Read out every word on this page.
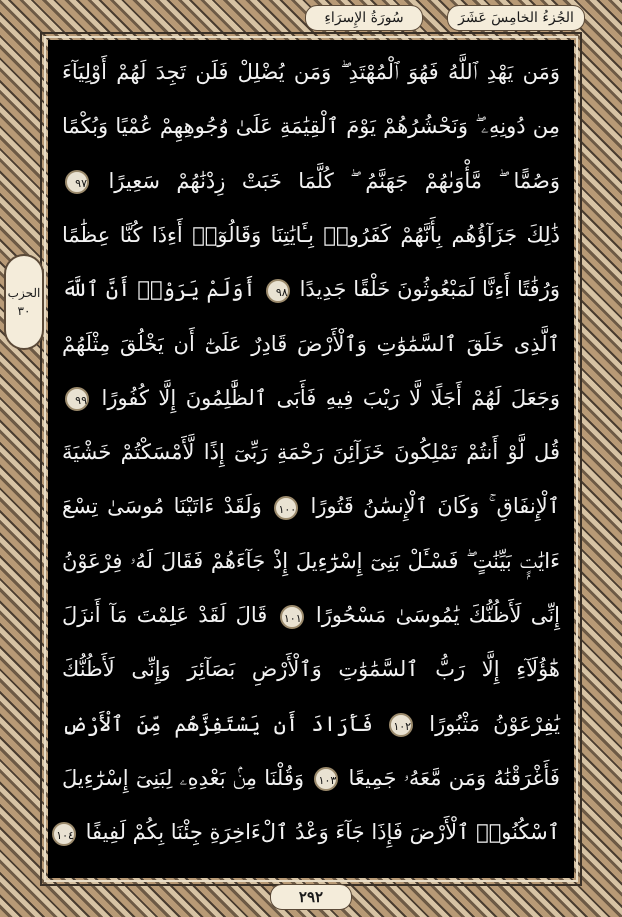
سُورَةُ الإِسرَاءِ	الجُزءُ الخامِسَ عَشَرَ
الحزب
٣٠
وَمَن يَهْدِ ٱللَّهُ فَهُوَ ٱلْمُهْتَدِ ۖ وَمَن يُضْلِلْ فَلَن تَجِدَ لَهُمْ أَوْلِيَآءَ
مِن دُونِهِۦ ۖ وَنَحْشُرُهُمْ يَوْمَ ٱلْقِيَٰمَةِ عَلَىٰ وُجُوهِهِمْ عُمْيًا وَبُكْمًا
وَصُمًّا ۖ مَّأْوَىٰهُمْ جَهَنَّمُ ۖ كُلَّمَا خَبَتْ زِدْنَٰهُمْ سَعِيرًا ٩٧
ذَٰلِكَ جَزَآؤُهُم بِأَنَّهُمْ كَفَرُوا۟ بِـَٔايَٰتِنَا وَقَالُوٓا۟ أَءِذَا كُنَّا عِظَٰمًا
وَرُفَٰتًا أَءِنَّا لَمَبْعُوثُونَ خَلْقًا جَدِيدًا ٩٨ أَوَلَمْ يَرَوْا۟ أَنَّ ٱللَّهَ
ٱلَّذِى خَلَقَ ٱلسَّمَٰوَٰتِ وَٱلْأَرْضَ قَادِرٌ عَلَىٰٓ أَن يَخْلُقَ مِثْلَهُمْ
وَجَعَلَ لَهُمْ أَجَلًا لَّا رَيْبَ فِيهِ فَأَبَى ٱلظَّٰلِمُونَ إِلَّا كُفُورًا ٩٩
قُل لَّوْ أَنتُمْ تَمْلِكُونَ خَزَآئِنَ رَحْمَةِ رَبِّىٓ إِذًا لَّأَمْسَكْتُمْ خَشْيَةَ
ٱلْإِنفَاقِ ۚ وَكَانَ ٱلْإِنسَٰنُ قَتُورًا ١٠٠ وَلَقَدْ ءَاتَيْنَا مُوسَىٰ تِسْعَ
ءَايَٰتٍۭ بَيِّنَٰتٍ ۖ فَسْـَٔلْ بَنِىٓ إِسْرَٰٓءِيلَ إِذْ جَآءَهُمْ فَقَالَ لَهُۥ فِرْعَوْنُ
إِنِّى لَأَظُنُّكَ يَٰمُوسَىٰ مَسْحُورًا ١٠١ قَالَ لَقَدْ عَلِمْتَ مَآ أَنزَلَ
هَٰٓؤُلَآءِ إِلَّا رَبُّ ٱلسَّمَٰوَٰتِ وَٱلْأَرْضِ بَصَآئِرَ وَإِنِّى لَأَظُنُّكَ
يَٰفِرْعَوْنُ مَثْبُورًا ١٠٢ فَأَرَادَ أَن يَسْتَفِزَّهُم مِّنَ ٱلْأَرْضِ
فَأَغْرَقْنَٰهُ وَمَن مَّعَهُۥ جَمِيعًا ١٠٣ وَقُلْنَا مِنۢ بَعْدِهِۦ لِبَنِىٓ إِسْرَٰٓءِيلَ
ٱسْكُنُوا۟ ٱلْأَرْضَ فَإِذَا جَآءَ وَعْدُ ٱلْءَاخِرَةِ جِئْنَا بِكُمْ لَفِيفًا ١٠٤
٢٩٢
